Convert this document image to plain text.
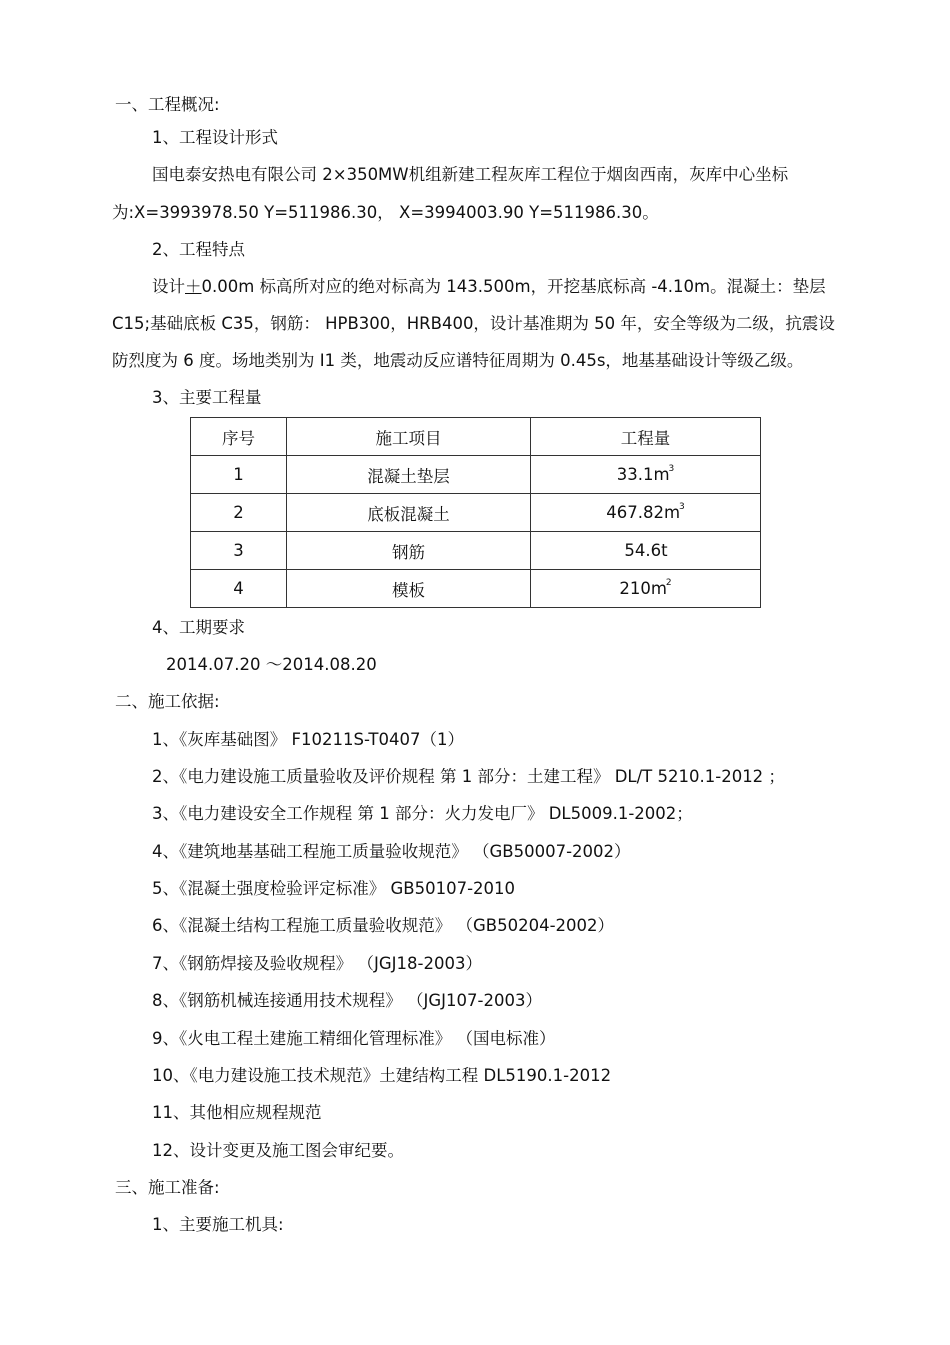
一、工程概况:
1、工程设计形式
国电泰安热电有限公司 2×350MW机组新建工程灰库工程位于烟囱西南，灰库中心坐标
为:X=3993978.50 Y=511986.30， X=3994003.90 Y=511986.30。
2、工程特点
设计＋0.00m 标高所对应的绝对标高为 143.500m，开挖基底标高 -4.10m。混凝土：垫层
C15;基础底板 C35，钢筋： HPB300，HRB400，设计基准期为 50 年，安全等级为二级，抗震设
防烈度为 6 度。场地类别为 I1 类，地震动反应谱特征周期为 0.45s，地基基础设计等级乙级。
3、主要工程量
序号	施工项目	工程量
1	混凝土垫层	$33.1m^3$
2	底板混凝土	$467.82m^3$
3	钢筋	54.6t
4	模板	$210m^2$
4、工期要求
2014.07.20 ～2014.08.20
二、施工依据:
1、《灰库基础图》 F10211S-T0407（1）
2、《电力建设施工质量验收及评价规程 第 1 部分：土建工程》 DL/T 5210.1-2012 ；
3、《电力建设安全工作规程 第 1 部分：火力发电厂》 DL5009.1-2002；
4、《建筑地基基础工程施工质量验收规范》 （GB50007-2002）
5、《混凝土强度检验评定标准》 GB50107-2010
6、《混凝土结构工程施工质量验收规范》 （GB50204-2002）
7、《钢筋焊接及验收规程》 （JGJ18-2003）
8、《钢筋机械连接通用技术规程》 （JGJ107-2003）
9、《火电工程土建施工精细化管理标准》 （国电标准）
10、《电力建设施工技术规范》土建结构工程 DL5190.1-2012
11、其他相应规程规范
12、设计变更及施工图会审纪要。
三、施工准备:
1、主要施工机具:
